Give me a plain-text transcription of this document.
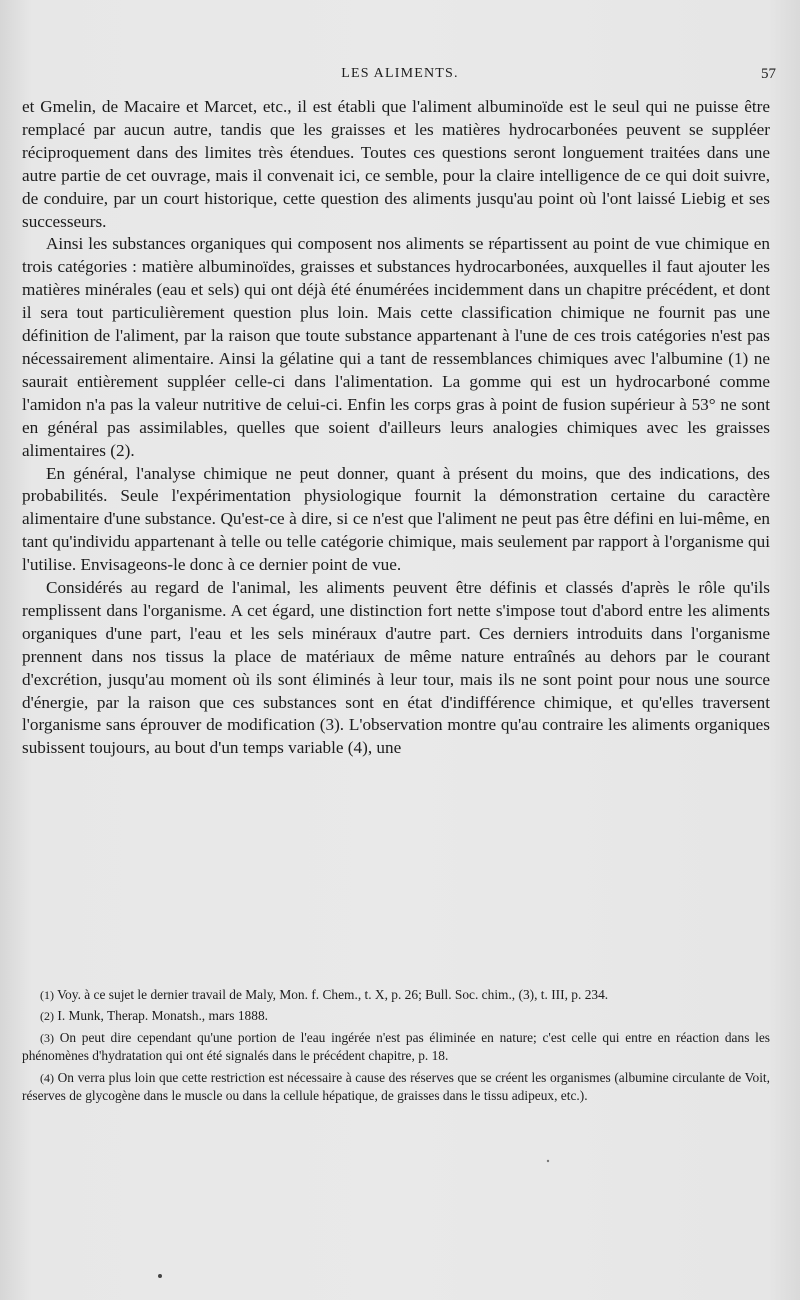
LES ALIMENTS.	57

et Gmelin, de Macaire et Marcet, etc., il est établi que l'aliment albuminoïde est le seul qui ne puisse être remplacé par aucun autre, tandis que les graisses et les matières hydrocarbonées peuvent se suppléer réciproquement dans des limites très étendues. Toutes ces questions seront longuement traitées dans une autre partie de cet ouvrage, mais il convenait ici, ce semble, pour la claire intelligence de ce qui doit suivre, de conduire, par un court historique, cette question des aliments jusqu'au point où l'ont laissé Liebig et ses successeurs.

Ainsi les substances organiques qui composent nos aliments se répartissent au point de vue chimique en trois catégories : matière albuminoïdes, graisses et substances hydrocarbonées, auxquelles il faut ajouter les matières minérales (eau et sels) qui ont déjà été énumérées incidemment dans un chapitre précédent, et dont il sera tout particulièrement question plus loin. Mais cette classification chimique ne fournit pas une définition de l'aliment, par la raison que toute substance appartenant à l'une de ces trois catégories n'est pas nécessairement alimentaire. Ainsi la gélatine qui a tant de ressemblances chimiques avec l'albumine (1) ne saurait entièrement suppléer celle-ci dans l'alimentation. La gomme qui est un hydrocarboné comme l'amidon n'a pas la valeur nutritive de celui-ci. Enfin les corps gras à point de fusion supérieur à 53° ne sont en général pas assimilables, quelles que soient d'ailleurs leurs analogies chimiques avec les graisses alimentaires (2).

En général, l'analyse chimique ne peut donner, quant à présent du moins, que des indications, des probabilités. Seule l'expérimentation physiologique fournit la démonstration certaine du caractère alimentaire d'une substance. Qu'est-ce à dire, si ce n'est que l'aliment ne peut pas être défini en lui-même, en tant qu'individu appartenant à telle ou telle catégorie chimique, mais seulement par rapport à l'organisme qui l'utilise. Envisageons-le donc à ce dernier point de vue.

Considérés au regard de l'animal, les aliments peuvent être définis et classés d'après le rôle qu'ils remplissent dans l'organisme. A cet égard, une distinction fort nette s'impose tout d'abord entre les aliments organiques d'une part, l'eau et les sels minéraux d'autre part. Ces derniers introduits dans l'organisme prennent dans nos tissus la place de matériaux de même nature entraînés au dehors par le courant d'excrétion, jusqu'au moment où ils sont éliminés à leur tour, mais ils ne sont point pour nous une source d'énergie, par la raison que ces substances sont en état d'indifférence chimique, et qu'elles traversent l'organisme sans éprouver de modification (3). L'observation montre qu'au contraire les aliments organiques subissent toujours, au bout d'un temps variable (4), une

(1) Voy. à ce sujet le dernier travail de Maly, Mon. f. Chem., t. X, p. 26; Bull. Soc. chim., (3), t. III, p. 234.

(2) I. Munk, Therap. Monatsh., mars 1888.

(3) On peut dire cependant qu'une portion de l'eau ingérée n'est pas éliminée en nature; c'est celle qui entre en réaction dans les phénomènes d'hydratation qui ont été signalés dans le précédent chapitre, p. 18.

(4) On verra plus loin que cette restriction est nécessaire à cause des réserves que se créent les organismes (albumine circulante de Voit, réserves de glycogène dans le muscle ou dans la cellule hépatique, de graisses dans le tissu adipeux, etc.).
